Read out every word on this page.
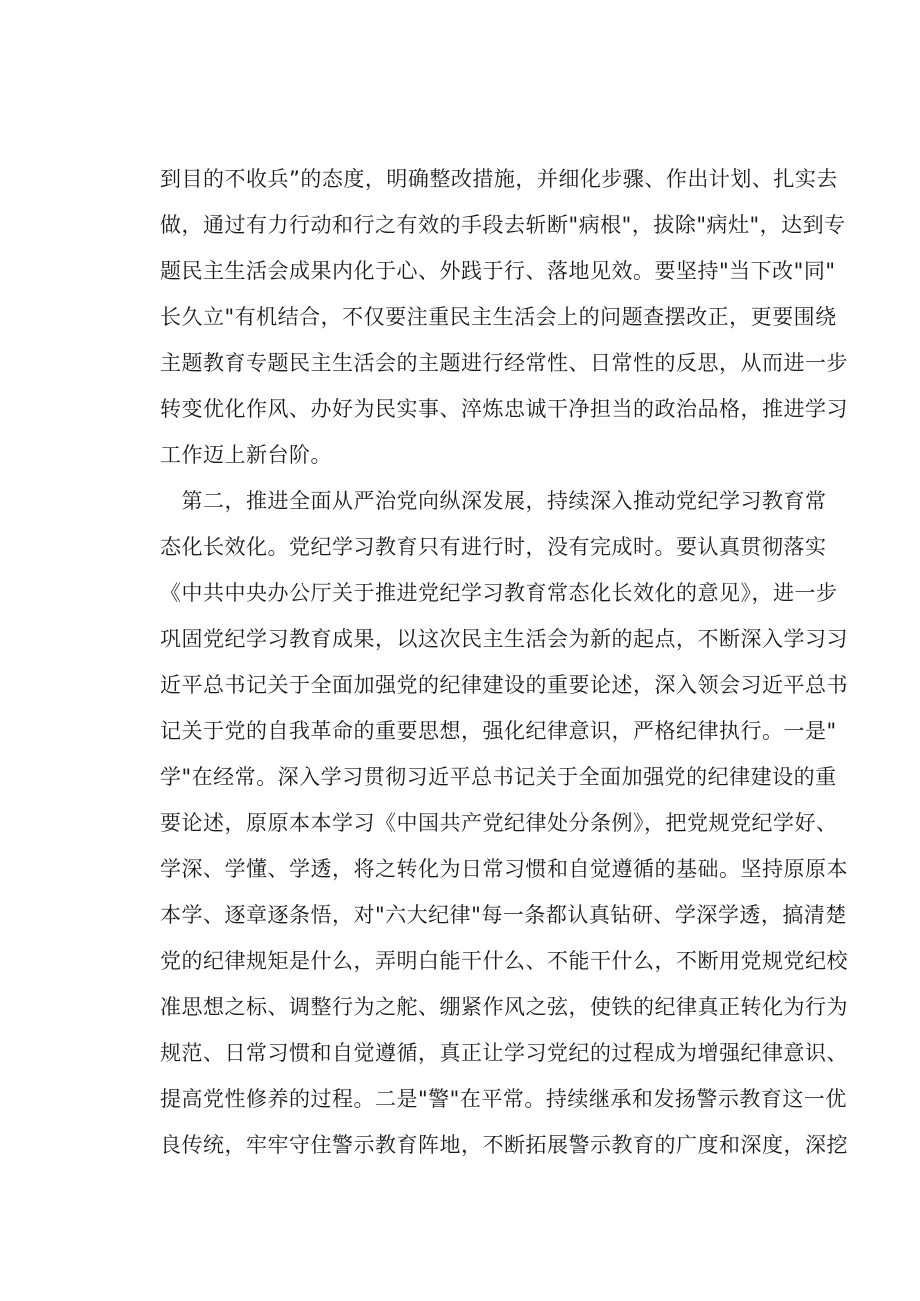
到目的不收兵”的态度，明确整改措施，并细化步骤、作出计划、扎实去
做，通过有力行动和行之有效的手段去斩断"病根"，拔除"病灶"，达到专
题民主生活会成果内化于心、外践于行、落地见效。要坚持"当下改"同"
长久立"有机结合，不仅要注重民主生活会上的问题查摆改正，更要围绕
主题教育专题民主生活会的主题进行经常性、日常性的反思，从而进一步
转变优化作风、办好为民实事、淬炼忠诚干净担当的政治品格，推进学习
工作迈上新台阶。
　第二，推进全面从严治党向纵深发展，持续深入推动党纪学习教育常
态化长效化。党纪学习教育只有进行时，没有完成时。要认真贯彻落实
《中共中央办公厅关于推进党纪学习教育常态化长效化的意见》，进一步
巩固党纪学习教育成果，以这次民主生活会为新的起点，不断深入学习习
近平总书记关于全面加强党的纪律建设的重要论述，深入领会习近平总书
记关于党的自我革命的重要思想，强化纪律意识，严格纪律执行。一是"
学"在经常。深入学习贯彻习近平总书记关于全面加强党的纪律建设的重
要论述，原原本本学习《中国共产党纪律处分条例》，把党规党纪学好、
学深、学懂、学透，将之转化为日常习惯和自觉遵循的基础。坚持原原本
本学、逐章逐条悟，对"六大纪律"每一条都认真钻研、学深学透，搞清楚
党的纪律规矩是什么，弄明白能干什么、不能干什么，不断用党规党纪校
准思想之标、调整行为之舵、绷紧作风之弦，使铁的纪律真正转化为行为
规范、日常习惯和自觉遵循，真正让学习党纪的过程成为增强纪律意识、
提高党性修养的过程。二是"警"在平常。持续继承和发扬警示教育这一优
良传统，牢牢守住警示教育阵地，不断拓展警示教育的广度和深度，深挖
